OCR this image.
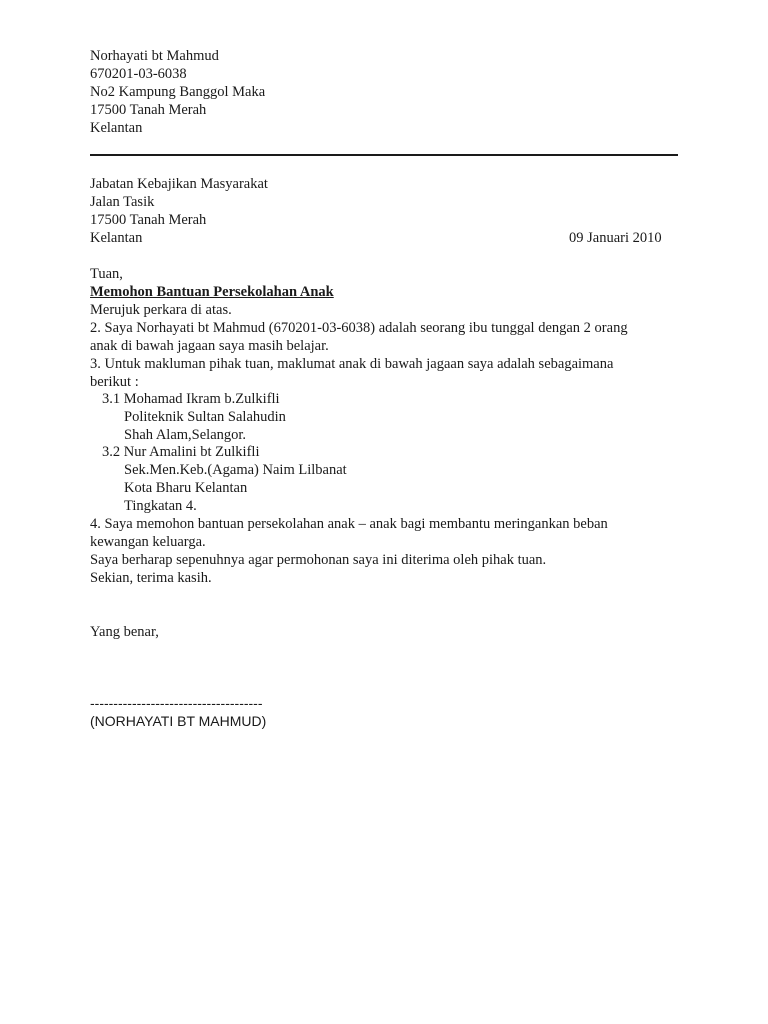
Norhayati bt Mahmud
670201-03-6038
No2 Kampung Banggol Maka
17500 Tanah Merah
Kelantan
Jabatan Kebajikan Masyarakat
Jalan Tasik
17500 Tanah Merah
Kelantan	09 Januari 2010
Tuan,
Memohon Bantuan Persekolahan Anak
Merujuk perkara di atas.
2. Saya Norhayati bt Mahmud (670201-03-6038) adalah seorang ibu tunggal dengan 2 orang
anak di bawah jagaan saya masih belajar.
3. Untuk makluman pihak tuan, maklumat anak di bawah jagaan saya adalah sebagaimana
berikut :
3.1 Mohamad Ikram b.Zulkifli
Politeknik Sultan Salahudin
Shah Alam,Selangor.
3.2 Nur Amalini bt Zulkifli
Sek.Men.Keb.(Agama) Naim Lilbanat
Kota Bharu Kelantan
Tingkatan 4.
4. Saya memohon bantuan persekolahan anak – anak bagi membantu meringankan beban
kewangan keluarga.
Saya berharap sepenuhnya agar permohonan saya ini diterima oleh pihak tuan.
Sekian, terima kasih.
Yang benar,
-------------------------------------
(NORHAYATI BT MAHMUD)
